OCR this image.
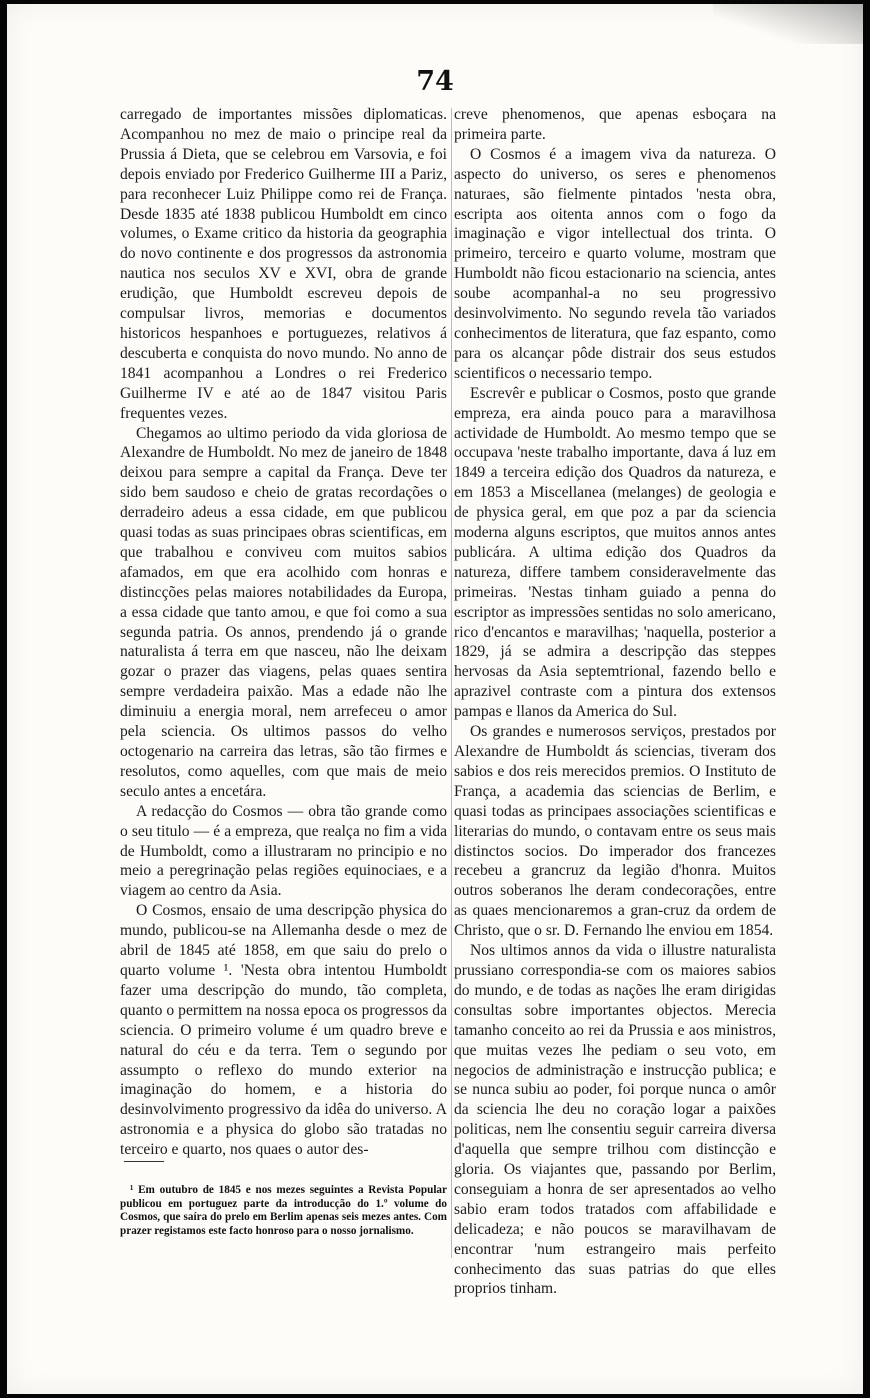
74

carregado de importantes missões diplomaticas. Acompanhou no mez de maio o principe real da Prussia á Dieta, que se celebrou em Varsovia, e foi depois enviado por Frederico Guilherme III a Pariz, para reconhecer Luiz Philippe como rei de França. Desde 1835 até 1838 publicou Humboldt em cinco volumes, o Exame critico da historia da geographia do novo continente e dos progressos da astronomia nautica nos seculos XV e XVI, obra de grande erudição, que Humboldt escreveu depois de compulsar livros, memorias e documentos historicos hespanhoes e portuguezes, relativos á descuberta e conquista do novo mundo. No anno de 1841 acompanhou a Londres o rei Frederico Guilherme IV e até ao de 1847 visitou Paris frequentes vezes.

Chegamos ao ultimo periodo da vida gloriosa de Alexandre de Humboldt. No mez de janeiro de 1848 deixou para sempre a capital da França. Deve ter sido bem saudoso e cheio de gratas recordações o derradeiro adeus a essa cidade, em que publicou quasi todas as suas principaes obras scientificas, em que trabalhou e conviveu com muitos sabios afamados, em que era acolhido com honras e distincções pelas maiores notabilidades da Europa, a essa cidade que tanto amou, e que foi como a sua segunda patria. Os annos, prendendo já o grande naturalista á terra em que nasceu, não lhe deixam gozar o prazer das viagens, pelas quaes sentira sempre verdadeira paixão. Mas a edade não lhe diminuiu a energia moral, nem arrefeceu o amor pela sciencia. Os ultimos passos do velho octogenario na carreira das letras, são tão firmes e resolutos, como aquelles, com que mais de meio seculo antes a encetára.

A redacção do Cosmos — obra tão grande como o seu titulo — é a empreza, que realça no fim a vida de Humboldt, como a illustraram no principio e no meio a peregrinação pelas regiões equinociaes, e a viagem ao centro da Asia.

O Cosmos, ensaio de uma descripção physica do mundo, publicou-se na Allemanha desde o mez de abril de 1845 até 1858, em que saiu do prelo o quarto volume ¹. 'Nesta obra intentou Humboldt fazer uma descripção do mundo, tão completa, quanto o permittem na nossa epoca os progressos da sciencia. O primeiro volume é um quadro breve e natural do céu e da terra. Tem o segundo por assumpto o reflexo do mundo exterior na imaginação do homem, e a historia do desinvolvimento progressivo da idêa do universo. A astronomia e a physica do globo são tratadas no terceiro e quarto, nos quaes o autor des-

creve phenomenos, que apenas esboçara na primeira parte.

O Cosmos é a imagem viva da natureza. O aspecto do universo, os seres e phenomenos naturaes, são fielmente pintados 'nesta obra, escripta aos oitenta annos com o fogo da imaginação e vigor intellectual dos trinta. O primeiro, terceiro e quarto volume, mostram que Humboldt não ficou estacionario na sciencia, antes soube acompanhal-a no seu progressivo desinvolvimento. No segundo revela tão variados conhecimentos de literatura, que faz espanto, como para os alcançar pôde distrair dos seus estudos scientificos o necessario tempo.

Escrevêr e publicar o Cosmos, posto que grande empreza, era ainda pouco para a maravilhosa actividade de Humboldt. Ao mesmo tempo que se occupava 'neste trabalho importante, dava á luz em 1849 a terceira edição dos Quadros da natureza, e em 1853 a Miscellanea (melanges) de geologia e de physica geral, em que poz a par da sciencia moderna alguns escriptos, que muitos annos antes publicára. A ultima edição dos Quadros da natureza, differe tambem consideravelmente das primeiras. 'Nestas tinham guiado a penna do escriptor as impressões sentidas no solo americano, rico d'encantos e maravilhas; 'naquella, posterior a 1829, já se admira a descripção das steppes hervosas da Asia septemtrional, fazendo bello e aprazivel contraste com a pintura dos extensos pampas e llanos da America do Sul.

Os grandes e numerosos serviços, prestados por Alexandre de Humboldt ás sciencias, tiveram dos sabios e dos reis merecidos premios. O Instituto de França, a academia das sciencias de Berlim, e quasi todas as principaes associações scientificas e literarias do mundo, o contavam entre os seus mais distinctos socios. Do imperador dos francezes recebeu a grancruz da legião d'honra. Muitos outros soberanos lhe deram condecorações, entre as quaes mencionaremos a gran-cruz da ordem de Christo, que o sr. D. Fernando lhe enviou em 1854.

Nos ultimos annos da vida o illustre naturalista prussiano correspondia-se com os maiores sabios do mundo, e de todas as nações lhe eram dirigidas consultas sobre importantes objectos. Merecia tamanho conceito ao rei da Prussia e aos ministros, que muitas vezes lhe pediam o seu voto, em negocios de administração e instrucção publica; e se nunca subiu ao poder, foi porque nunca o amôr da sciencia lhe deu no coração logar a paixões politicas, nem lhe consentiu seguir carreira diversa d'aquella que sempre trilhou com distincção e gloria. Os viajantes que, passando por Berlim, conseguiam a honra de ser apresentados ao velho sabio eram todos tratados com affabilidade e delicadeza; e não poucos se maravilhavam de encontrar 'num estrangeiro mais perfeito conhecimento das suas patrias do que elles proprios tinham.

¹ Em outubro de 1845 e nos mezes seguintes a Revista Popular publicou em portuguez parte da introducção do 1.º volume do Cosmos, que saíra do prelo em Berlim apenas seis mezes antes. Com prazer registamos este facto honroso para o nosso jornalismo.
